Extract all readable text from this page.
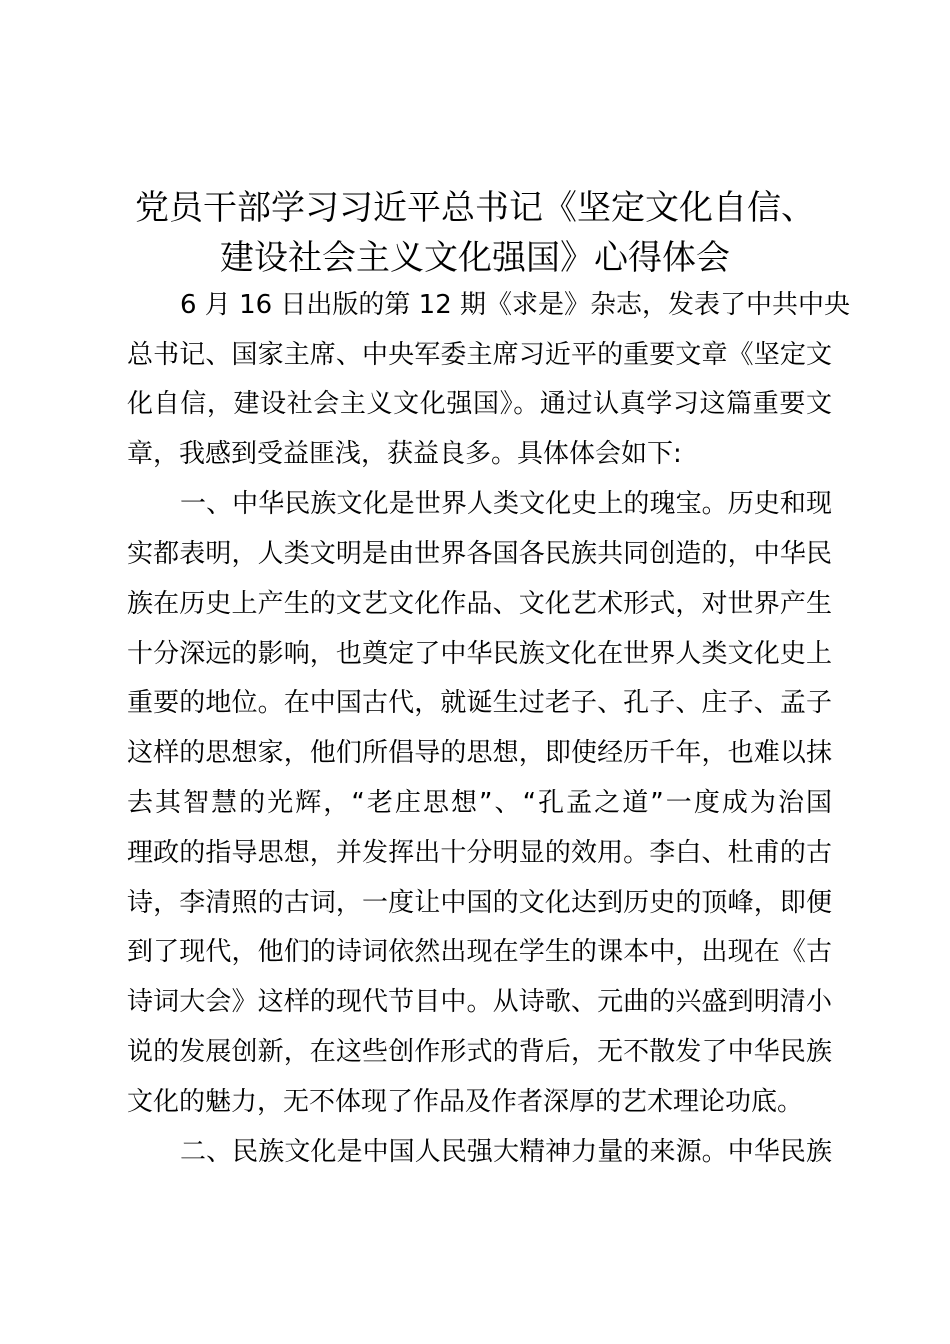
党员干部学习习近平总书记《坚定文化自信、
建设社会主义文化强国》心得体会

6 月 16 日出版的第 12 期《求是》杂志，发表了中共中央

总书记、国家主席、中央军委主席习近平的重要文章《坚定文

化自信，建设社会主义文化强国》。通过认真学习这篇重要文

章，我感到受益匪浅，获益良多。具体体会如下:

一、中华民族文化是世界人类文化史上的瑰宝。历史和现

实都表明，人类文明是由世界各国各民族共同创造的，中华民

族在历史上产生的文艺文化作品、文化艺术形式，对世界产生

十分深远的影响，也奠定了中华民族文化在世界人类文化史上

重要的地位。在中国古代，就诞生过老子、孔子、庄子、孟子

这样的思想家，他们所倡导的思想，即使经历千年，也难以抹

去其智慧的光辉，“老庄思想”、“孔孟之道”一度成为治国

理政的指导思想，并发挥出十分明显的效用。李白、杜甫的古

诗，李清照的古词，一度让中国的文化达到历史的顶峰，即便

到了现代，他们的诗词依然出现在学生的课本中，出现在《古

诗词大会》这样的现代节目中。从诗歌、元曲的兴盛到明清小

说的发展创新，在这些创作形式的背后，无不散发了中华民族

文化的魅力，无不体现了作品及作者深厚的艺术理论功底。

二、民族文化是中国人民强大精神力量的来源。中华民族
